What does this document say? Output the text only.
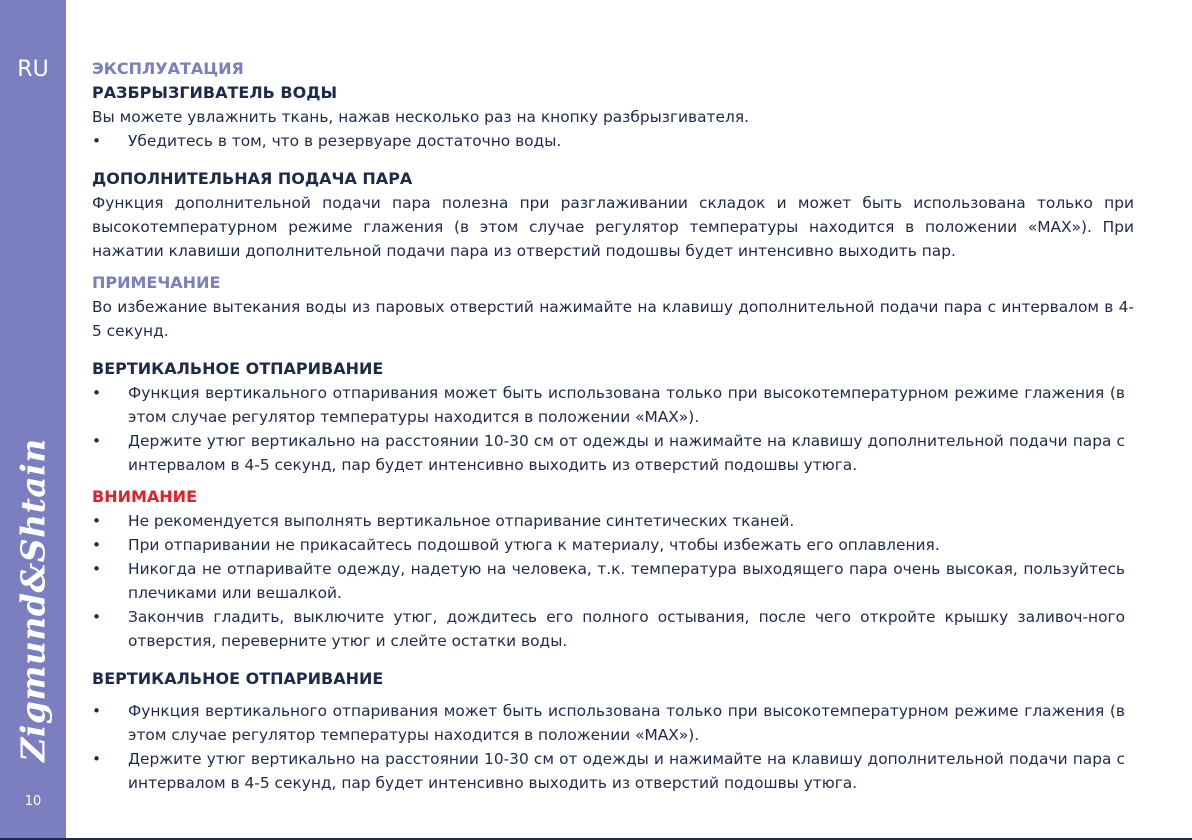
RU
Zigmund&Shtain
10
ЭКСПЛУАТАЦИЯ
РАЗБРЫЗГИВАТЕЛЬ ВОДЫ

Вы можете увлажнить ткань, нажав несколько раз на кнопку разбрызгивателя.

• Убедитесь в том, что в резервуаре достаточно воды.
ДОПОЛНИТЕЛЬНАЯ ПОДАЧА ПАРА

Функция дополнительной подачи пара полезна при разглаживании складок и может быть использована только при высокотемпературном режиме глажения (в этом случае регулятор температуры находится в положении «MAX»). При нажатии клавиши дополнительной подачи пара из отверстий подошвы будет интенсивно выходить пар.

ПРИМЕЧАНИЕ

Во избежание вытекания воды из паровых отверстий нажимайте на клавишу дополнительной подачи пара с интервалом в 4-5 секунд.

ВЕРТИКАЛЬНОЕ ОТПАРИВАНИЕ
• Функция вертикального отпаривания может быть использована только при высокотемпературном режиме глажения (в этом случае регулятор температуры находится в положении «MAX»).
• Держите утюг вертикально на расстоянии 10-30 см от одежды и нажимайте на клавишу дополнительной подачи пара с интервалом в 4-5 секунд, пар будет интенсивно выходить из отверстий подошвы утюга.
ВНИМАНИЕ
• Не рекомендуется выполнять вертикальное отпаривание синтетических тканей.
• При отпаривании не прикасайтесь подошвой утюга к материалу, чтобы избежать его оплавления.
• Никогда не отпаривайте одежду, надетую на человека, т.к. температура выходящего пара очень высокая, пользуйтесь плечиками или вешалкой.
• Закончив гладить, выключите утюг, дождитесь его полного остывания, после чего откройте крышку заливоч-ного отверстия, переверните утюг и слейте остатки воды.
ВЕРТИКАЛЬНОЕ ОТПАРИВАНИЕ
• Функция вертикального отпаривания может быть использована только при высокотемпературном режиме глажения (в этом случае регулятор температуры находится в положении «MAX»).
• Держите утюг вертикально на расстоянии 10-30 см от одежды и нажимайте на клавишу дополнительной подачи пара с интервалом в 4-5 секунд, пар будет интенсивно выходить из отверстий подошвы утюга.
